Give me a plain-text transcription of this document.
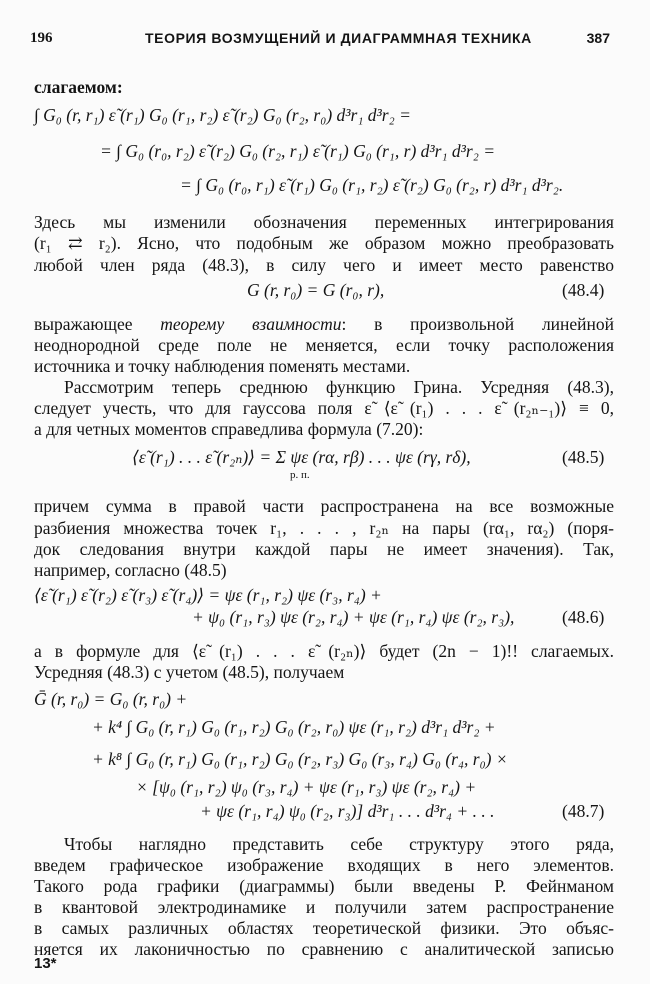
196	ТЕОРИЯ ВОЗМУЩЕНИЙ И ДИАГРАММНАЯ ТЕХНИКА	387
слагаемом:
∫ G₀ (r, r₁) ε̃ (r₁) G₀ (r₁, r₂) ε̃ (r₂) G₀ (r₂, r₀) d³r₁ d³r₂ =
= ∫ G₀ (r₀, r₂) ε̃ (r₂) G₀ (r₂, r₁) ε̃ (r₁) G₀ (r₁, r) d³r₁ d³r₂ =
= ∫ G₀ (r₀, r₁) ε̃ (r₁) G₀ (r₁, r₂) ε̃ (r₂) G₀ (r₂, r) d³r₁ d³r₂.
Здесь мы изменили обозначения переменных интегрирования
(r₁ ⇄ r₂). Ясно, что подобным же образом можно преобразовать
любой член ряда (48.3), в силу чего и имеет место равенство
G (r, r₀) = G (r₀, r),	(48.4)
выражающее теорему взаимности: в произвольной линейной
неоднородной среде поле не меняется, если точку расположения
источника и точку наблюдения поменять местами.
Рассмотрим теперь среднюю функцию Грина. Усредняя (48.3),
следует учесть, что для гауссова поля ε̃ ⟨ε̃ (r₁) . . . ε̃ (r₂ₙ₋₁)⟩ ≡ 0,
а для четных моментов справедлива формула (7.20):
⟨ε̃ (r₁) . . . ε̃ (r₂ₙ)⟩ = Σ ψε (rα, rβ) . . . ψε (rγ, rδ),
р. п.
(48.5)
причем сумма в правой части распространена на все возможные
разбиения множества точек r₁, . . . , r₂ₙ на пары (rα₁, rα₂) (поря-
док следования внутри каждой пары не имеет значения). Так,
например, согласно (48.5)
⟨ε̃ (r₁) ε̃ (r₂) ε̃ (r₃) ε̃ (r₄)⟩ = ψε (r₁, r₂) ψε (r₃, r₄) +
+ ψ₀ (r₁, r₃) ψε (r₂, r₄) + ψε (r₁, r₄) ψε (r₂, r₃),	(48.6)
а в формуле для ⟨ε̃ (r₁) . . . ε̃ (r₂ₙ)⟩ будет (2n − 1)!! слагаемых.
Усредняя (48.3) с учетом (48.5), получаем
Ḡ (r, r₀) = G₀ (r, r₀) +
+ k⁴ ∫ G₀ (r, r₁) G₀ (r₁, r₂) G₀ (r₂, r₀) ψε (r₁, r₂) d³r₁ d³r₂ +
+ k⁸ ∫ G₀ (r, r₁) G₀ (r₁, r₂) G₀ (r₂, r₃) G₀ (r₃, r₄) G₀ (r₄, r₀) ×
× [ψ₀ (r₁, r₂) ψ₀ (r₃, r₄) + ψε (r₁, r₃) ψε (r₂, r₄) +
+ ψε (r₁, r₄) ψ₀ (r₂, r₃)] d³r₁ . . . d³r₄ + . . .	(48.7)
Чтобы наглядно представить себе структуру этого ряда,
введем графическое изображение входящих в него элементов.
Такого рода графики (диаграммы) были введены Р. Фейнманом
в квантовой электродинамике и получили затем распространение
в самых различных областях теоретической физики. Это объяс-
няется их лаконичностью по сравнению с аналитической записью
13*
